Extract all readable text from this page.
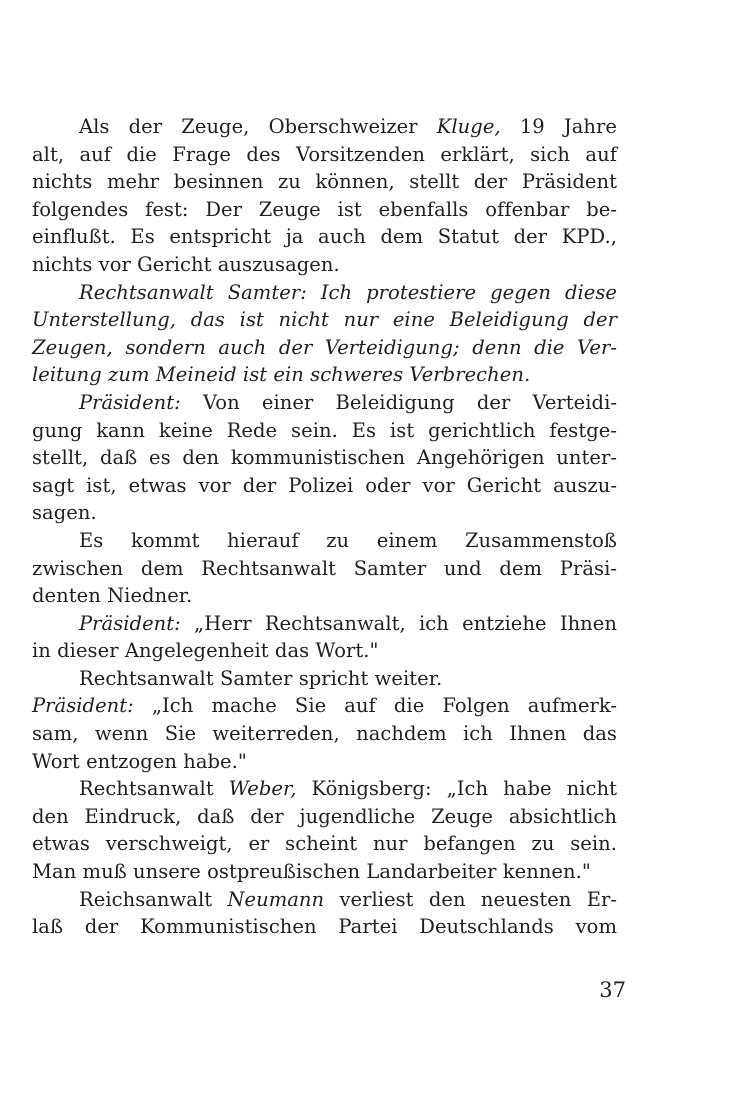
Als der Zeuge, Oberschweizer Kluge, 19 Jahre
alt, auf die Frage des Vorsitzenden erklärt, sich auf
nichts mehr besinnen zu können, stellt der Präsident
folgendes fest: Der Zeuge ist ebenfalls offenbar be-
einflußt. Es entspricht ja auch dem Statut der KPD.,
nichts vor Gericht auszusagen.
Rechtsanwalt Samter: Ich protestiere gegen diese
Unterstellung, das ist nicht nur eine Beleidigung der
Zeugen, sondern auch der Verteidigung; denn die Ver-
leitung zum Meineid ist ein schweres Verbrechen.
Präsident: Von einer Beleidigung der Verteidi-
gung kann keine Rede sein. Es ist gerichtlich festge-
stellt, daß es den kommunistischen Angehörigen unter-
sagt ist, etwas vor der Polizei oder vor Gericht auszu-
sagen.
Es kommt hierauf zu einem Zusammenstoß
zwischen dem Rechtsanwalt Samter und dem Präsi-
denten Niedner.
Präsident: „Herr Rechtsanwalt, ich entziehe Ihnen
in dieser Angelegenheit das Wort."
Rechtsanwalt Samter spricht weiter.
Präsident: „Ich mache Sie auf die Folgen aufmerk-
sam, wenn Sie weiterreden, nachdem ich Ihnen das
Wort entzogen habe."
Rechtsanwalt Weber, Königsberg: „Ich habe nicht
den Eindruck, daß der jugendliche Zeuge absichtlich
etwas verschweigt, er scheint nur befangen zu sein.
Man muß unsere ostpreußischen Landarbeiter kennen."
Reichsanwalt Neumann verliest den neuesten Er-
laß der Kommunistischen Partei Deutschlands vom
37
